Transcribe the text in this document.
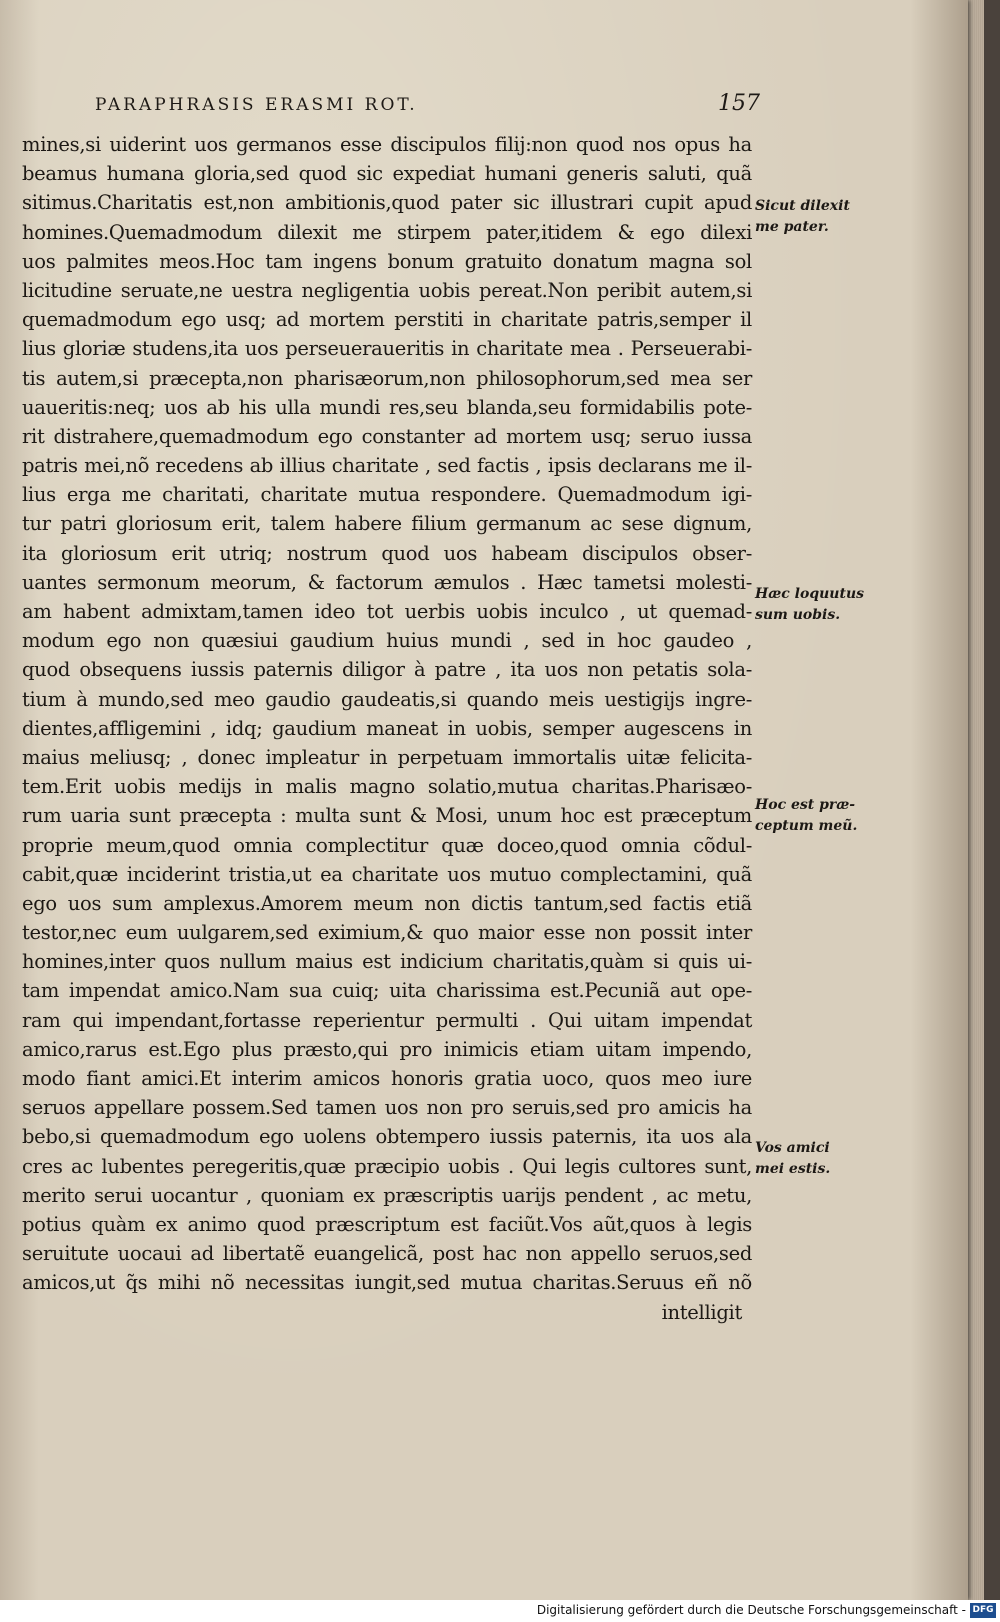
PARAPHRASIS ERASMI ROT.	157
mines,si uiderint uos germanos esse discipulos filij:non quod nos opus ha
beamus humana gloria,sed quod sic expediat humani generis saluti, quã
sitimus.Charitatis est,non ambitionis,quod pater sic illustrari cupit apud
homines.Quemadmodum dilexit me stirpem pater,itidem & ego dilexi
uos palmites meos.Hoc tam ingens bonum gratuito donatum magna sol
licitudine seruate,ne uestra negligentia uobis pereat.Non peribit autem,si
quemadmodum ego usq; ad mortem perstiti in charitate patris,semper il
lius gloriæ studens,ita uos perseueraueritis in charitate mea . Perseuerabi-
tis autem,si præcepta,non pharisæorum,non philosophorum,sed mea ser
uaueritis:neq; uos ab his ulla mundi res,seu blanda,seu formidabilis pote-
rit distrahere,quemadmodum ego constanter ad mortem usq; seruo iussa
patris mei,nõ recedens ab illius charitate , sed factis , ipsis declarans me il-
lius erga me charitati, charitate mutua respondere. Quemadmodum igi-
tur patri gloriosum erit, talem habere filium germanum ac sese dignum,
ita gloriosum erit utriq; nostrum quod uos habeam discipulos obser-
uantes sermonum meorum, & factorum æmulos . Hæc tametsi molesti-
am habent admixtam,tamen ideo tot uerbis uobis inculco , ut quemad-
modum ego non quæsiui gaudium huius mundi , sed in hoc gaudeo ,
quod obsequens iussis paternis diligor à patre , ita uos non petatis sola-
tium à mundo,sed meo gaudio gaudeatis,si quando meis uestigijs ingre-
dientes,affligemini , idq; gaudium maneat in uobis, semper augescens in
maius meliusq; , donec impleatur in perpetuam immortalis uitæ felicita-
tem.Erit uobis medijs in malis magno solatio,mutua charitas.Pharisæo-
rum uaria sunt præcepta : multa sunt & Mosi, unum hoc est præceptum
proprie meum,quod omnia complectitur quæ doceo,quod omnia cõdul-
cabit,quæ inciderint tristia,ut ea charitate uos mutuo complectamini, quã
ego uos sum amplexus.Amorem meum non dictis tantum,sed factis etiã
testor,nec eum uulgarem,sed eximium,& quo maior esse non possit inter
homines,inter quos nullum maius est indicium charitatis,quàm si quis ui-
tam impendat amico.Nam sua cuiq; uita charissima est.Pecuniã aut ope-
ram qui impendant,fortasse reperientur permulti . Qui uitam impendat
amico,rarus est.Ego plus præsto,qui pro inimicis etiam uitam impendo,
modo fiant amici.Et interim amicos honoris gratia uoco, quos meo iure
seruos appellare possem.Sed tamen uos non pro seruis,sed pro amicis ha
bebo,si quemadmodum ego uolens obtempero iussis paternis, ita uos ala
cres ac lubentes peregeritis,quæ præcipio uobis . Qui legis cultores sunt,
merito serui uocantur , quoniam ex præscriptis uarijs pendent , ac metu,
potius quàm ex animo quod præscriptum est faciũt.Vos aũt,quos à legis
seruitute uocaui ad libertatẽ euangelicã, post hac non appello seruos,sed
amicos,ut q̃s mihi nõ necessitas iungit,sed mutua charitas.Seruus eñ nõ
intelligit
Sicut dilexit
me pater.
Hæc loquutus
sum uobis.
Hoc est præ-
ceptum meũ.
Vos amici
mei estis.
Digitalisierung gefördert durch die Deutsche Forschungsgemeinschaft - DFG
